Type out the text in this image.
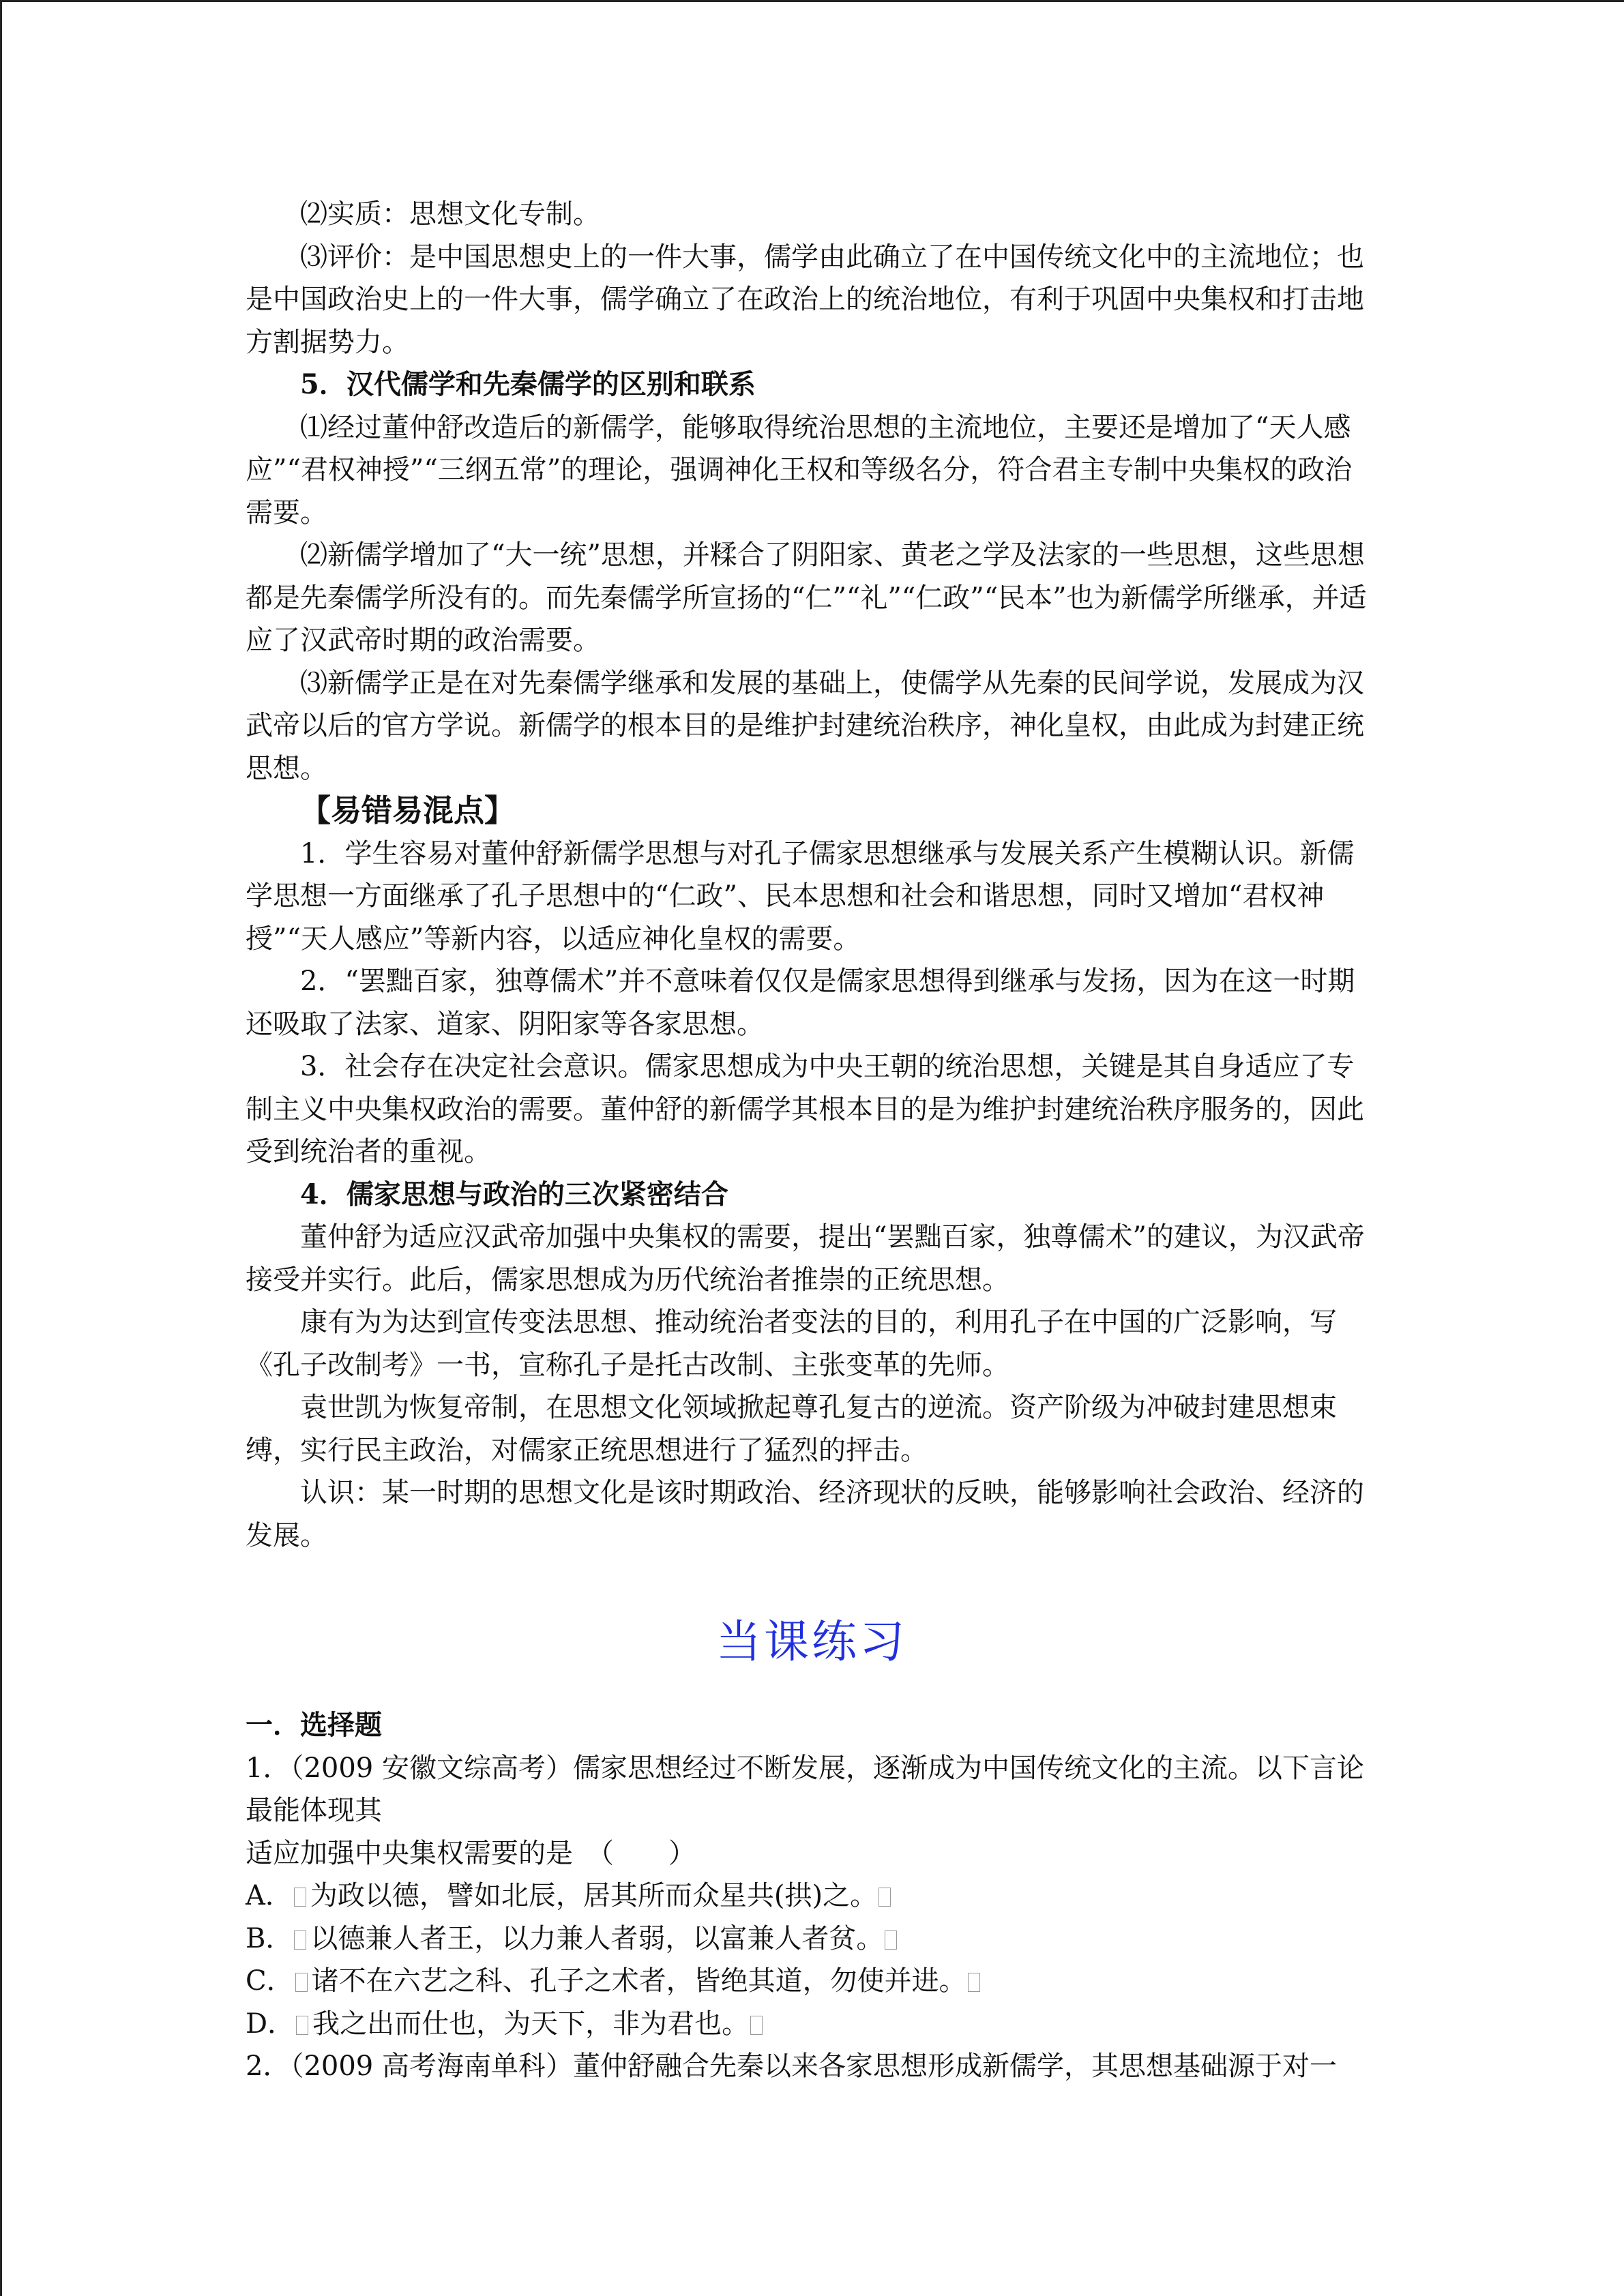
⑵实质：思想文化专制。

⑶评价：是中国思想史上的一件大事，儒学由此确立了在中国传统文化中的主流地位；也是中国政治史上的一件大事，儒学确立了在政治上的统治地位，有利于巩固中央集权和打击地方割据势力。

5．汉代儒学和先秦儒学的区别和联系

⑴经过董仲舒改造后的新儒学，能够取得统治思想的主流地位，主要还是增加了“天人感应”“君权神授”“三纲五常”的理论，强调神化王权和等级名分，符合君主专制中央集权的政治需要。

⑵新儒学增加了“大一统”思想，并糅合了阴阳家、黄老之学及法家的一些思想，这些思想都是先秦儒学所没有的。而先秦儒学所宣扬的“仁”“礼”“仁政”“民本”也为新儒学所继承，并适应了汉武帝时期的政治需要。

⑶新儒学正是在对先秦儒学继承和发展的基础上，使儒学从先秦的民间学说，发展成为汉武帝以后的官方学说。新儒学的根本目的是维护封建统治秩序，神化皇权，由此成为封建正统思想。

【易错易混点】

1．学生容易对董仲舒新儒学思想与对孔子儒家思想继承与发展关系产生模糊认识。新儒学思想一方面继承了孔子思想中的“仁政”、民本思想和社会和谐思想，同时又增加“君权神授”“天人感应”等新内容，以适应神化皇权的需要。

2．“罢黜百家，独尊儒术”并不意味着仅仅是儒家思想得到继承与发扬，因为在这一时期还吸取了法家、道家、阴阳家等各家思想。

3．社会存在决定社会意识。儒家思想成为中央王朝的统治思想，关键是其自身适应了专制主义中央集权政治的需要。董仲舒的新儒学其根本目的是为维护封建统治秩序服务的，因此受到统治者的重视。

4．儒家思想与政治的三次紧密结合

董仲舒为适应汉武帝加强中央集权的需要，提出“罢黜百家，独尊儒术”的建议，为汉武帝接受并实行。此后，儒家思想成为历代统治者推崇的正统思想。

康有为为达到宣传变法思想、推动统治者变法的目的，利用孔子在中国的广泛影响，写《孔子改制考》一书，宣称孔子是托古改制、主张变革的先师。

袁世凯为恢复帝制，在思想文化领域掀起尊孔复古的逆流。资产阶级为冲破封建思想束缚，实行民主政治，对儒家正统思想进行了猛烈的抨击。

认识：某一时期的思想文化是该时期政治、经济现状的反映，能够影响社会政治、经济的发展。

当课练习

一．选择题

1．（2009 安徽文综高考）儒家思想经过不断发展，逐渐成为中国传统文化的主流。以下言论最能体现其

适应加强中央集权需要的是　（　　）

A． 为政以德，譬如北辰，居其所而众星共(拱)之。

B． 以德兼人者王，以力兼人者弱，以富兼人者贫。

C． 诸不在六艺之科、孔子之术者，皆绝其道，勿使并进。

D． 我之出而仕也，为天下，非为君也。

2．（2009 高考海南单科）董仲舒融合先秦以来各家思想形成新儒学，其思想基础源于对一
